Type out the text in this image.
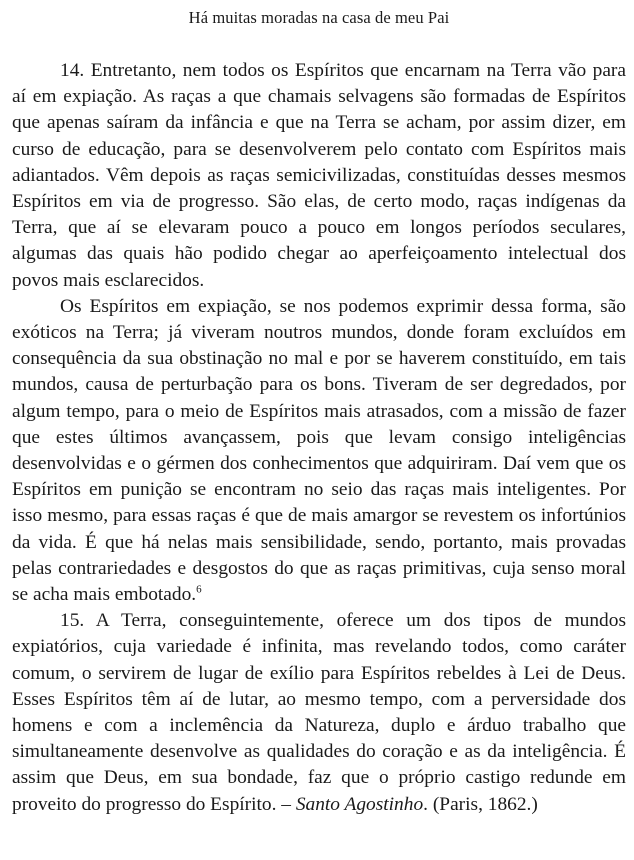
Há muitas moradas na casa de meu Pai

14. Entretanto, nem todos os Espíritos que encarnam na Terra vão para aí em expiação. As raças a que chamais selvagens são formadas de Espíritos que apenas saíram da infância e que na Terra se acham, por assim dizer, em curso de educação, para se desenvolverem pelo contato com Espíritos mais adiantados. Vêm depois as raças semicivilizadas, constituídas desses mesmos Espíritos em via de progresso. São elas, de certo modo, raças indígenas da Terra, que aí se elevaram pouco a pouco em longos períodos seculares, algumas das quais hão podido chegar ao aperfeiçoamento intelectual dos povos mais esclarecidos.

Os Espíritos em expiação, se nos podemos exprimir dessa forma, são exóticos na Terra; já viveram noutros mundos, donde foram excluídos em consequência da sua obstinação no mal e por se haverem constituído, em tais mundos, causa de perturbação para os bons. Tiveram de ser degredados, por algum tempo, para o meio de Espíritos mais atrasados, com a missão de fazer que estes últimos avançassem, pois que levam consigo inteligências desenvolvidas e o gérmen dos conhecimentos que adquiriram. Daí vem que os Espíritos em punição se encontram no seio das raças mais inteligentes. Por isso mesmo, para essas raças é que de mais amargor se revestem os infortúnios da vida. É que há nelas mais sensibilidade, sendo, portanto, mais provadas pelas contrariedades e desgostos do que as raças primitivas, cuja senso moral se acha mais embotado.$^6$

15. A Terra, conseguintemente, oferece um dos tipos de mundos expiatórios, cuja variedade é infinita, mas revelando todos, como caráter comum, o servirem de lugar de exílio para Espíritos rebeldes à Lei de Deus. Esses Espíritos têm aí de lutar, ao mesmo tempo, com a perversidade dos homens e com a inclemência da Natureza, duplo e árduo trabalho que simultaneamente desenvolve as qualidades do coração e as da inteligência. É assim que Deus, em sua bondade, faz que o próprio castigo redunde em proveito do progresso do Espírito. – Santo Agostinho. (Paris, 1862.)
